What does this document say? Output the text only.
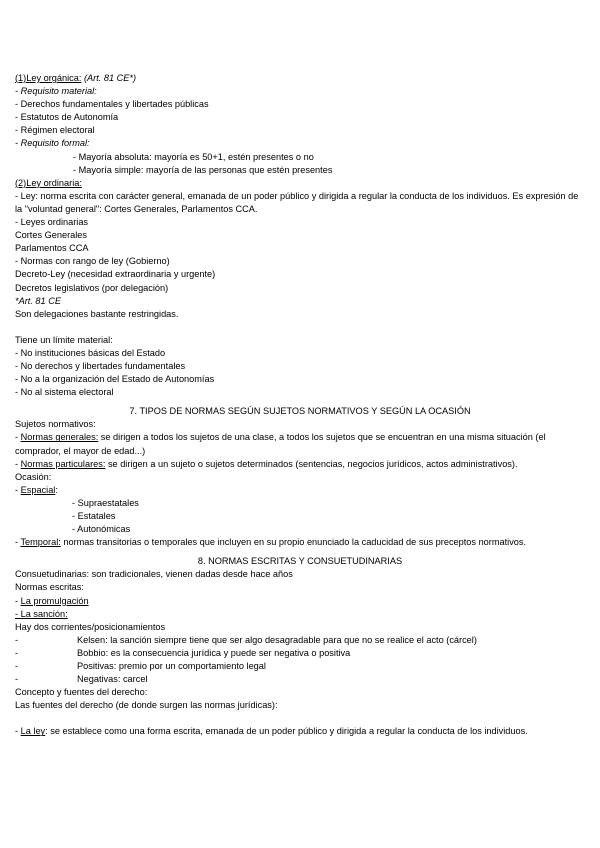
(1)Ley orgánica: (Art. 81 CE*)
- Requisito material:
- Derechos fundamentales y libertades públicas
- Estatutos de Autonomía
- Régimen electoral
- Requisito formal:
- Mayoría absoluta: mayoría es 50+1, estén presentes o no
- Mayoría simple: mayoría de las personas que estén presentes
(2)Ley ordinaria:
- Ley: norma escrita con carácter general, emanada de un poder público y dirigida a regular la conducta de los individuos. Es expresión de la "voluntad general": Cortes Generales, Parlamentos CCA.
- Leyes ordinarias
Cortes Generales
Parlamentos CCA
- Normas con rango de ley (Gobierno)
Decreto-Ley (necesidad extraordinaria y urgente)
Decretos legislativos (por delegación)
*Art. 81 CE
Son delegaciones bastante restringidas.
Tiene un límite material:
- No instituciones básicas del Estado
- No derechos y libertades fundamentales
- No a la organización del Estado de Autonomías
- No al sistema electoral
7. TIPOS DE NORMAS SEGÚN SUJETOS NORMATIVOS Y SEGÚN LA OCASIÓN
Sujetos normativos:
- Normas generales: se dirigen a todos los sujetos de una clase, a todos los sujetos que se encuentran en una misma situación (el comprador, el mayor de edad...)
- Normas particulares: se dirigen a un sujeto o sujetos determinados (sentencias, negocios jurídicos, actos administrativos).
Ocasión:
- Espacial:
- Supraestatales
- Estatales
- Autonómicas
- Temporal: normas transitorias o temporales que incluyen en su propio enunciado la caducidad de sus preceptos normativos.
8. NORMAS ESCRITAS Y CONSUETUDINARIAS
Consuetudinarias: son tradicionales, vienen dadas desde hace años
Normas escritas:
- La promulgación
- La sanción:
Hay dos corrientes/posicionamientos
-	Kelsen: la sanción siempre tiene que ser algo desagradable para que no se realice el acto (cárcel)
-	Bobbio: es la consecuencia jurídica y puede ser negativa o positiva
-	Positivas: premio por un comportamiento legal
-	Negativas: carcel
Concepto y fuentes del derecho:
Las fuentes del derecho (de donde surgen las normas jurídicas):
- La ley: se establece como una forma escrita, emanada de un poder público y dirigida a regular la conducta de los individuos.
